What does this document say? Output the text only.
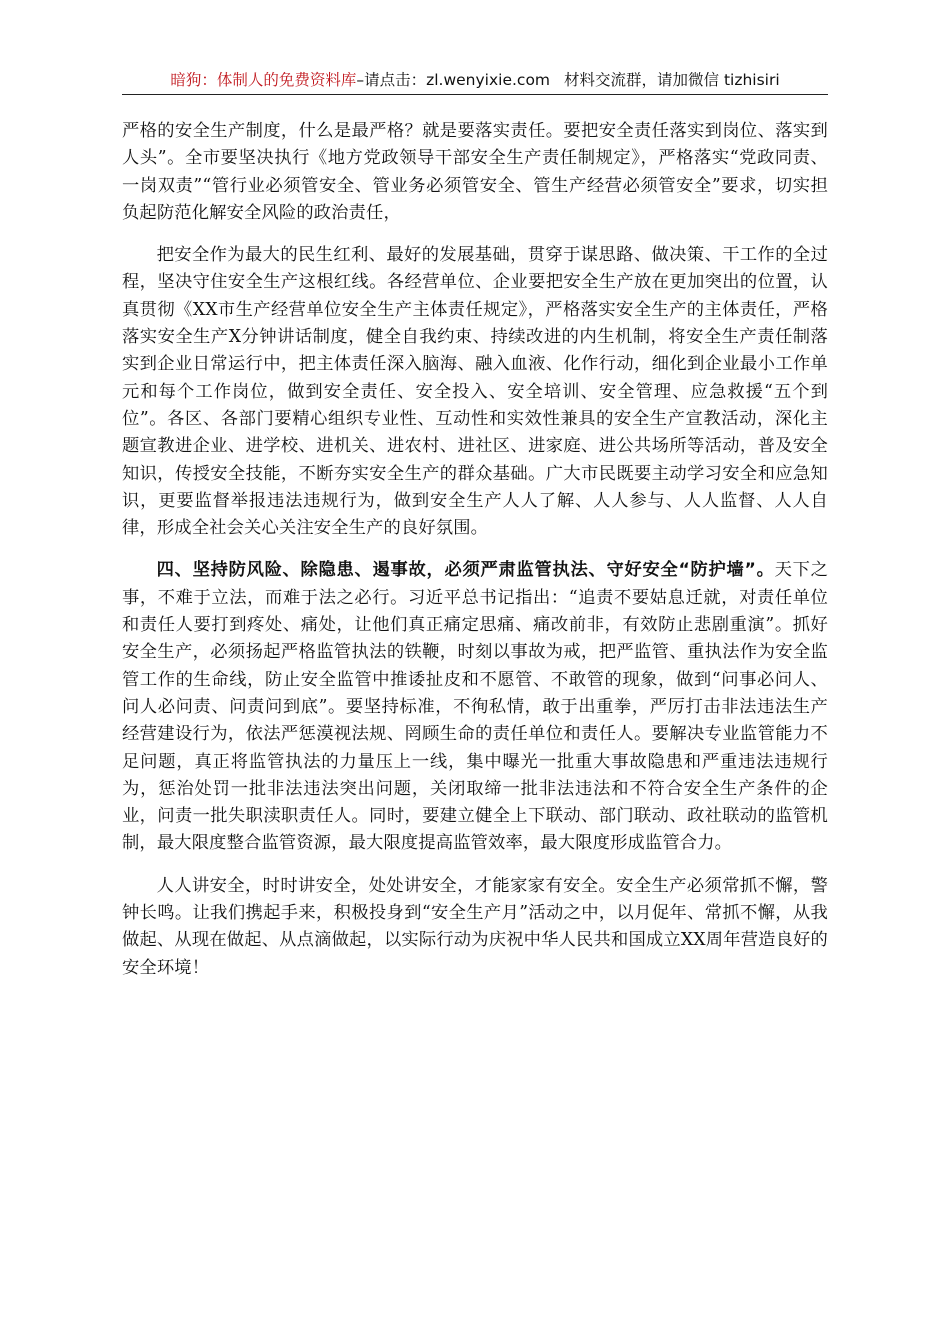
暗狗：体制人的免费资料库–请点击：zl.wenyixie.com 材料交流群，请加微信 tizhisiri

严格的安全生产制度，什么是最严格？就是要落实责任。要把安全责任落实到岗位、落实到人头”。全市要坚决执行《地方党政领导干部安全生产责任制规定》，严格落实“党政同责、一岗双责”“管行业必须管安全、管业务必须管安全、管生产经营必须管安全”要求，切实担负起防范化解安全风险的政治责任，

把安全作为最大的民生红利、最好的发展基础，贯穿于谋思路、做决策、干工作的全过程，坚决守住安全生产这根红线。各经营单位、企业要把安全生产放在更加突出的位置，认真贯彻《XX市生产经营单位安全生产主体责任规定》，严格落实安全生产的主体责任，严格落实安全生产X分钟讲话制度，健全自我约束、持续改进的内生机制，将安全生产责任制落实到企业日常运行中，把主体责任深入脑海、融入血液、化作行动，细化到企业最小工作单元和每个工作岗位，做到安全责任、安全投入、安全培训、安全管理、应急救援“五个到位”。各区、各部门要精心组织专业性、互动性和实效性兼具的安全生产宣教活动，深化主题宣教进企业、进学校、进机关、进农村、进社区、进家庭、进公共场所等活动，普及安全知识，传授安全技能，不断夯实安全生产的群众基础。广大市民既要主动学习安全和应急知识，更要监督举报违法违规行为，做到安全生产人人了解、人人参与、人人监督、人人自律，形成全社会关心关注安全生产的良好氛围。

四、坚持防风险、除隐患、遏事故，必须严肃监管执法、守好安全“防护墙”。天下之事，不难于立法，而难于法之必行。习近平总书记指出：“追责不要姑息迁就，对责任单位和责任人要打到疼处、痛处，让他们真正痛定思痛、痛改前非，有效防止悲剧重演”。抓好安全生产，必须扬起严格监管执法的铁鞭，时刻以事故为戒，把严监管、重执法作为安全监管工作的生命线，防止安全监管中推诿扯皮和不愿管、不敢管的现象，做到“问事必问人、问人必问责、问责问到底”。要坚持标准，不徇私情，敢于出重拳，严厉打击非法违法生产经营建设行为，依法严惩漠视法规、罔顾生命的责任单位和责任人。要解决专业监管能力不足问题，真正将监管执法的力量压上一线，集中曝光一批重大事故隐患和严重违法违规行为，惩治处罚一批非法违法突出问题，关闭取缔一批非法违法和不符合安全生产条件的企业，问责一批失职渎职责任人。同时，要建立健全上下联动、部门联动、政社联动的监管机制，最大限度整合监管资源，最大限度提高监管效率，最大限度形成监管合力。

人人讲安全，时时讲安全，处处讲安全，才能家家有安全。安全生产必须常抓不懈，警钟长鸣。让我们携起手来，积极投身到“安全生产月”活动之中，以月促年、常抓不懈，从我做起、从现在做起、从点滴做起，以实际行动为庆祝中华人民共和国成立XX周年营造良好的安全环境！
